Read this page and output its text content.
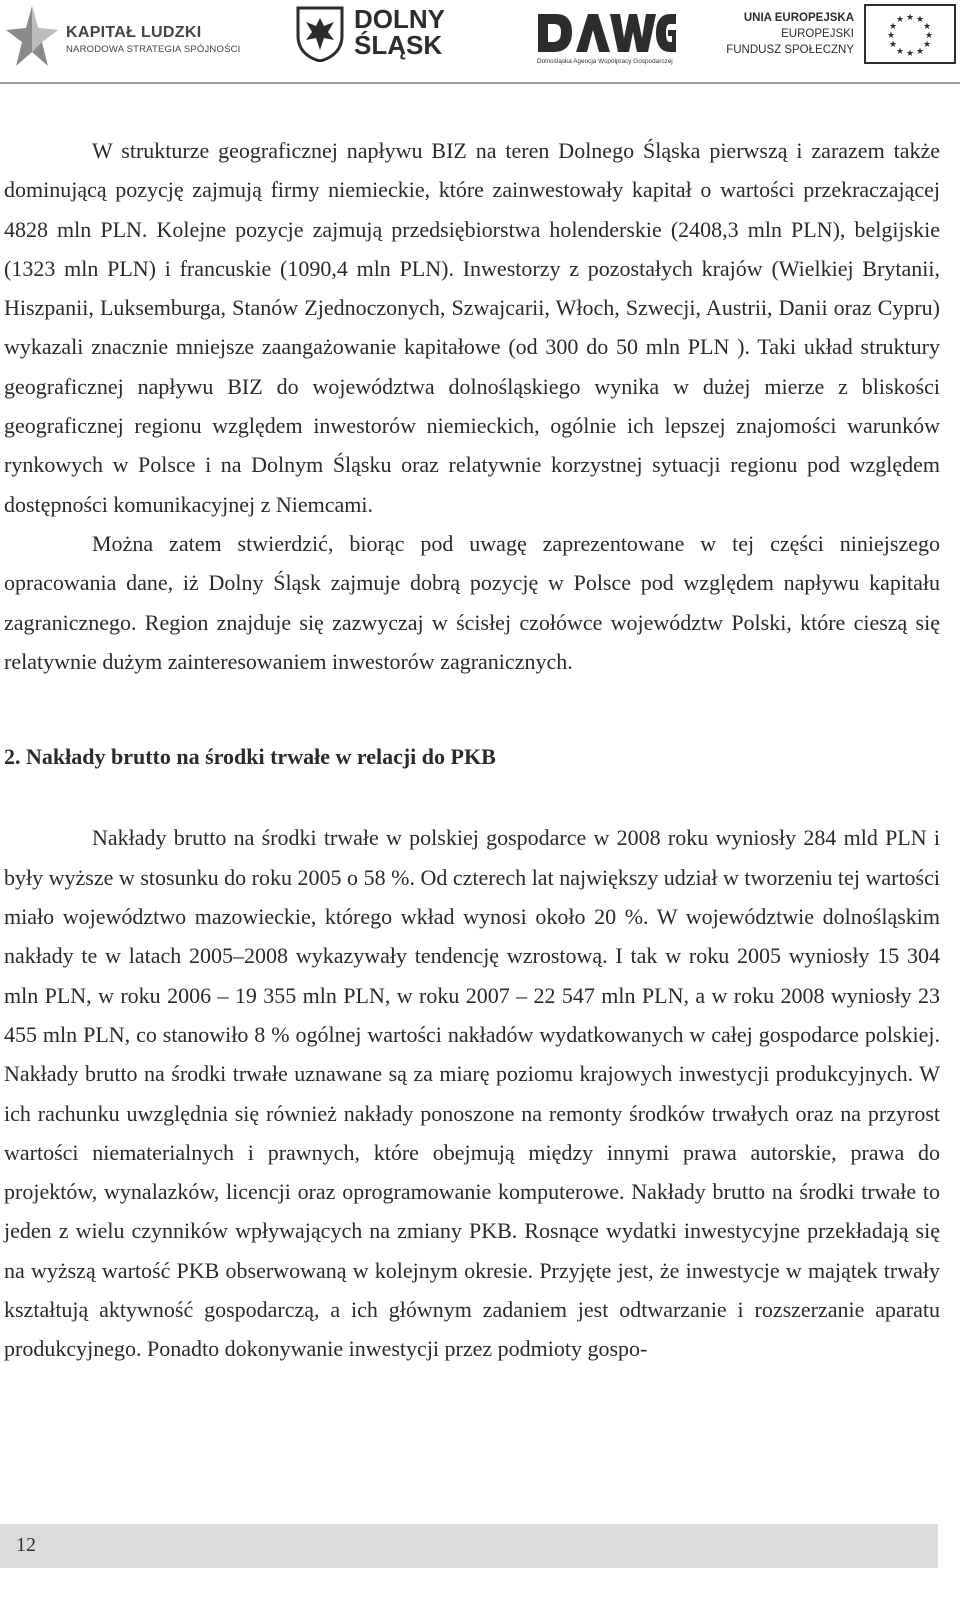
KAPITAŁ LUDZKI
NARODOWA STRATEGIA SPÓJNOŚCI
DOLNY
ŚLĄSK
Dolnośląska Agencja Współpracy Gospodarczej
UNIA EUROPEJSKA
EUROPEJSKI
FUNDUSZ SPOŁECZNY
★ ★
★
★
★
★
★
★
★
★
★
★

W strukturze geograficznej napływu BIZ na teren Dolnego Śląska pierwszą i zarazem także dominującą pozycję zajmują firmy niemieckie, które zainwestowały kapitał o wartości przekraczającej 4828 mln PLN. Kolejne pozycje zajmują przedsiębiorstwa holenderskie (2408,3 mln PLN), belgijskie (1323 mln PLN) i francuskie (1090,4 mln PLN). Inwestorzy z pozostałych krajów (Wielkiej Brytanii, Hiszpanii, Luksemburga, Stanów Zjednoczonych, Szwajcarii, Włoch, Szwecji, Austrii, Danii oraz Cypru) wykazali znacznie mniejsze zaangażowanie kapitałowe (od 300 do 50 mln PLN ). Taki układ struktury geograficznej napływu BIZ do województwa dolnośląskiego wynika w dużej mierze z bliskości geograficznej regionu względem inwestorów niemieckich, ogólnie ich lepszej znajomości warunków rynkowych w Polsce i na Dolnym Śląsku oraz relatywnie korzystnej sytuacji regionu pod względem dostępności komunikacyjnej z Niemcami.

Można zatem stwierdzić, biorąc pod uwagę zaprezentowane w tej części niniejszego opracowania dane, iż Dolny Śląsk zajmuje dobrą pozycję w Polsce pod względem napływu kapitału zagranicznego. Region znajduje się zazwyczaj w ścisłej czołówce województw Polski, które cieszą się relatywnie dużym zainteresowaniem inwestorów zagranicznych.

2. Nakłady brutto na środki trwałe w relacji do PKB

Nakłady brutto na środki trwałe w polskiej gospodarce w 2008 roku wyniosły 284 mld PLN i były wyższe w stosunku do roku 2005 o 58 %. Od czterech lat największy udział w tworzeniu tej wartości miało województwo mazowieckie, którego wkład wynosi około 20 %. W województwie dolnośląskim nakłady te w latach 2005–2008 wykazywały tendencję wzrostową. I tak w roku 2005 wyniosły 15 304 mln PLN, w roku 2006 – 19 355 mln PLN, w roku 2007 – 22 547 mln PLN, a w roku 2008 wyniosły 23 455 mln PLN, co stanowiło 8 % ogólnej wartości nakładów wydatkowanych w całej gospodarce polskiej. Nakłady brutto na środki trwałe uznawane są za miarę poziomu krajowych inwestycji produkcyjnych. W ich rachunku uwzględnia się również nakłady ponoszone na remonty środków trwałych oraz na przyrost wartości niematerialnych i prawnych, które obejmują między innymi prawa autorskie, prawa do projektów, wynalazków, licencji oraz oprogramowanie komputerowe. Nakłady brutto na środki trwałe to jeden z wielu czynników wpływających na zmiany PKB. Rosnące wydatki inwestycyjne przekładają się na wyższą wartość PKB obserwowaną w kolejnym okresie. Przyjęte jest, że inwestycje w majątek trwały kształtują aktywność gospodarczą, a ich głównym zadaniem jest odtwarzanie i rozszerzanie aparatu produkcyjnego. Ponadto dokonywanie inwestycji przez podmioty gospo-

12
